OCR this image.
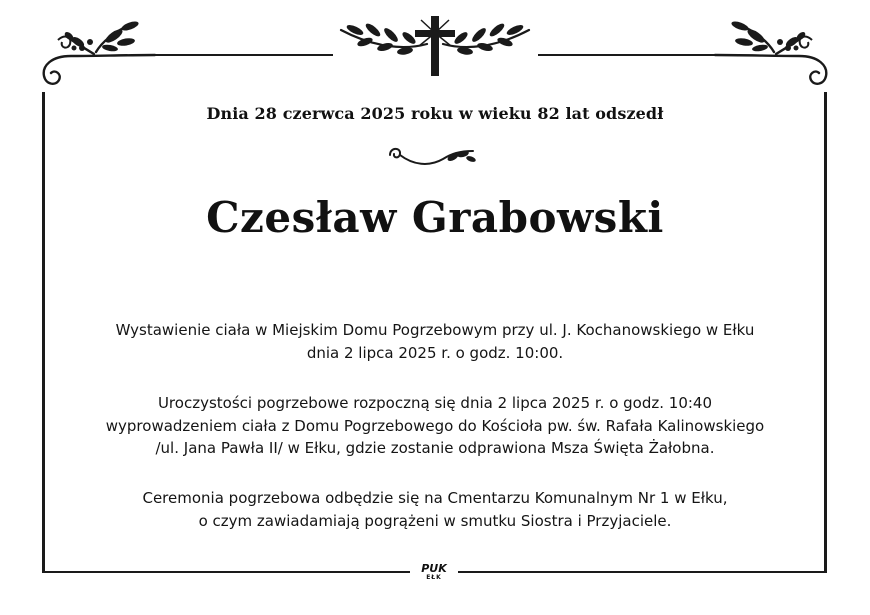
Dnia 28 czerwca 2025 roku w wieku 82 lat odszedł
Czesław Grabowski
Wystawienie ciała w Miejskim Domu Pogrzebowym przy ul. J. Kochanowskiego w Ełku
dnia 2 lipca 2025 r. o godz. 10:00.
Uroczystości pogrzebowe rozpoczną się dnia 2 lipca 2025 r. o godz. 10:40
wyprowadzeniem ciała z Domu Pogrzebowego do Kościoła pw. św. Rafała Kalinowskiego
/ul. Jana Pawła II/ w Ełku, gdzie zostanie odprawiona Msza Święta Żałobna.
Ceremonia pogrzebowa odbędzie się na Cmentarzu Komunalnym Nr 1 w Ełku,
o czym zawiadamiają pogrążeni w smutku Siostra i Przyjaciele.
PUK
EŁK
